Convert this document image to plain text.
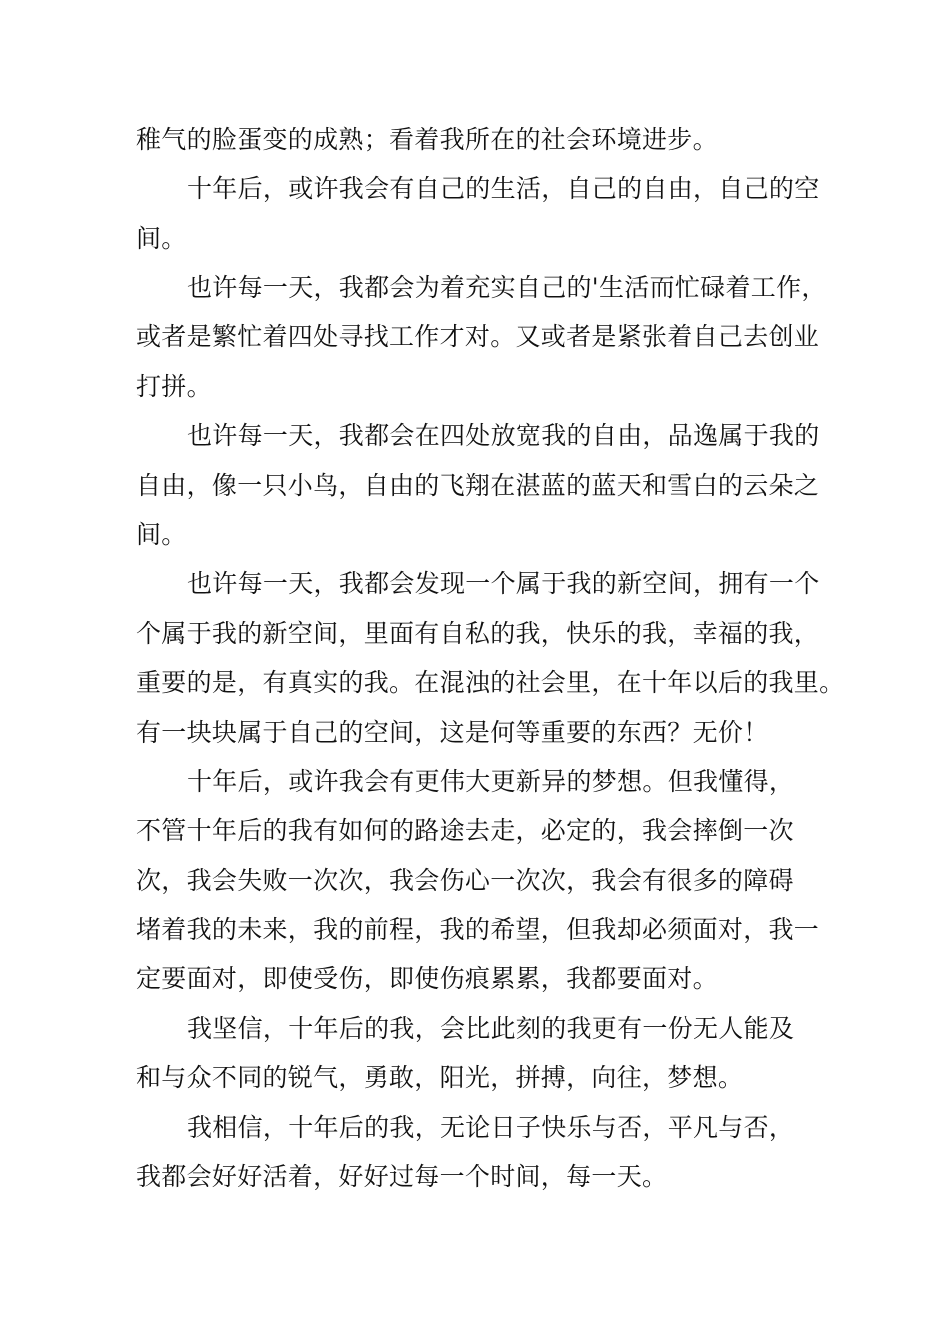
稚气的脸蛋变的成熟；看着我所在的社会环境进步。
十年后，或许我会有自己的生活，自己的自由，自己的空
间。
也许每一天，我都会为着充实自己的'生活而忙碌着工作，
或者是繁忙着四处寻找工作才对。又或者是紧张着自己去创业
打拼。
也许每一天，我都会在四处放宽我的自由，品逸属于我的
自由，像一只小鸟，自由的飞翔在湛蓝的蓝天和雪白的云朵之
间。
也许每一天，我都会发现一个属于我的新空间，拥有一个
个属于我的新空间，里面有自私的我，快乐的我，幸福的我，
重要的是，有真实的我。在混浊的社会里，在十年以后的我里。
有一块块属于自己的空间，这是何等重要的东西？无价！
十年后，或许我会有更伟大更新异的梦想。但我懂得，
不管十年后的我有如何的路途去走，必定的，我会摔倒一次
次，我会失败一次次，我会伤心一次次，我会有很多的障碍
堵着我的未来，我的前程，我的希望，但我却必须面对，我一
定要面对，即使受伤，即使伤痕累累，我都要面对。
我坚信，十年后的我，会比此刻的我更有一份无人能及
和与众不同的锐气，勇敢，阳光，拼搏，向往，梦想。
我相信，十年后的我，无论日子快乐与否，平凡与否，
我都会好好活着，好好过每一个时间，每一天。
